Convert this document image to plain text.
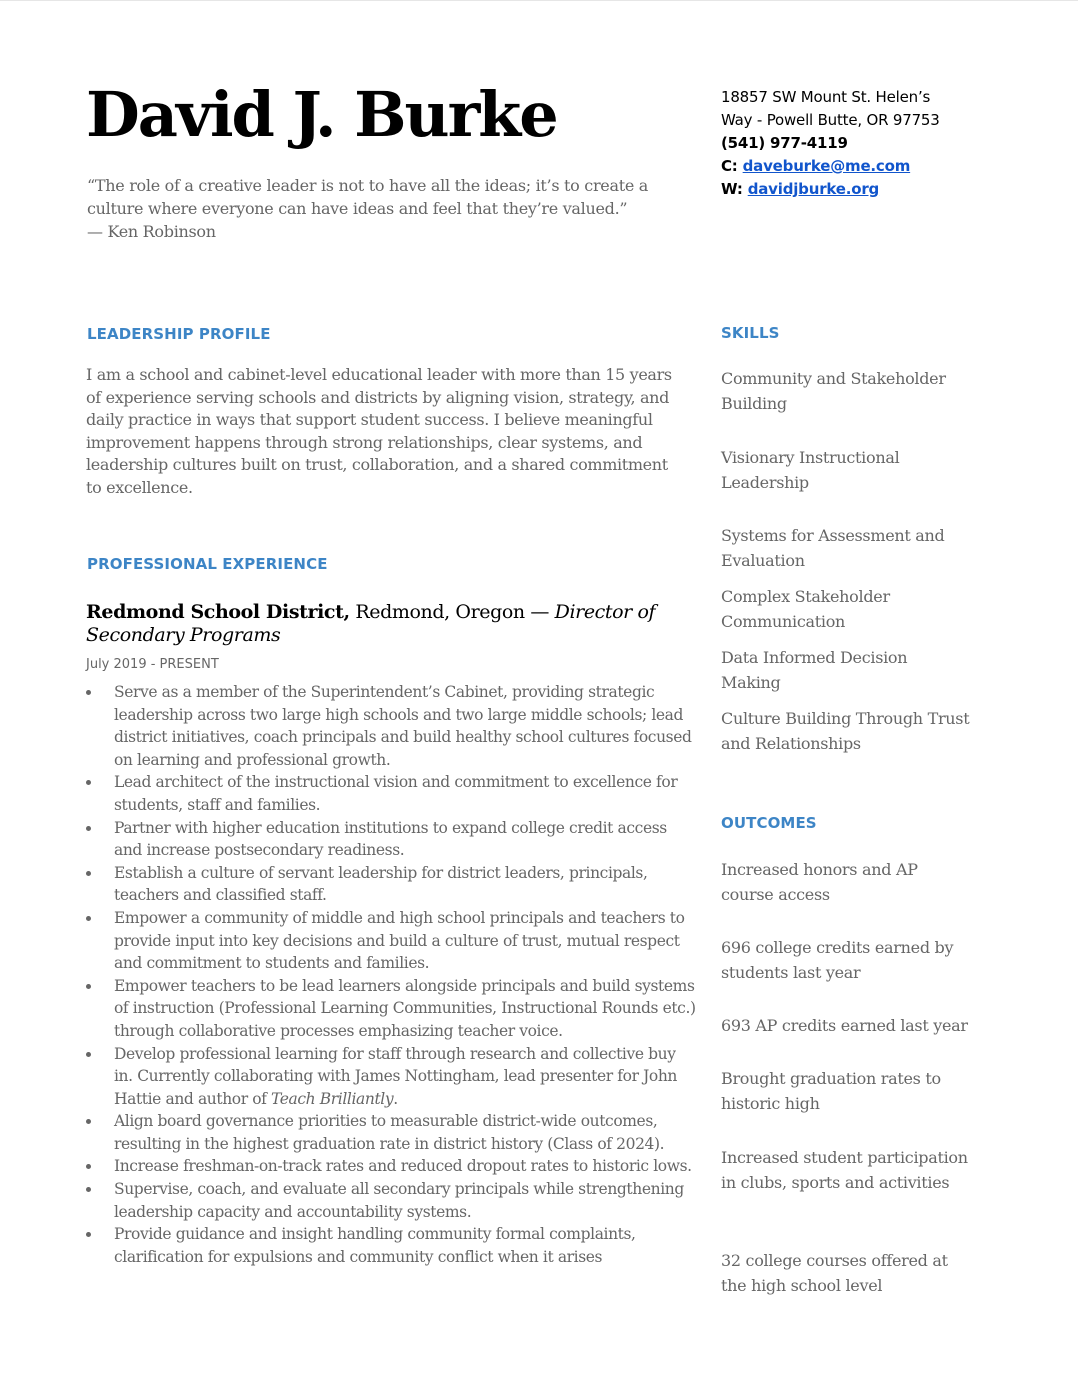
David J. Burke

“The role of a creative leader is not to have all the ideas; it’s to create a

culture where everyone can have ideas and feel that they’re valued.”

— Ken Robinson

18857 SW Mount St. Helen’s
Way - Powell Butte, OR 97753
(541) 977-4119
C: daveburke@me.com
W: davidjburke.org
LEADERSHIP PROFILE

I am a school and cabinet-level educational leader with more than 15 years of experience serving schools and districts by aligning vision, strategy, and daily practice in ways that support student success. I believe meaningful improvement happens through strong relationships, clear systems, and leadership cultures built on trust, collaboration, and a shared commitment to excellence.

PROFESSIONAL EXPERIENCE
Redmond School District, Redmond, Oregon — Director of Secondary Programs

July 2019 - PRESENT

Serve as a member of the Superintendent’s Cabinet, providing strategic leadership across two large high schools and two large middle schools; lead district initiatives, coach principals and build healthy school cultures focused on learning and professional growth.
Lead architect of the instructional vision and commitment to excellence for students, staff and families.
Partner with higher education institutions to expand college credit access and increase postsecondary readiness.
Establish a culture of servant leadership for district leaders, principals, teachers and classified staff.
Empower a community of middle and high school principals and teachers to provide input into key decisions and build a culture of trust, mutual respect and commitment to students and families.
Empower teachers to be lead learners alongside principals and build systems of instruction (Professional Learning Communities, Instructional Rounds etc.) through collaborative processes emphasizing teacher voice.
Develop professional learning for staff through research and collective buy in. Currently collaborating with James Nottingham, lead presenter for John Hattie and author of Teach Brilliantly.
Align board governance priorities to measurable district-wide outcomes, resulting in the highest graduation rate in district history (Class of 2024).
Increase freshman-on-track rates and reduced dropout rates to historic lows.
Supervise, coach, and evaluate all secondary principals while strengthening leadership capacity and accountability systems.
Provide guidance and insight handling community formal complaints, clarification for expulsions and community conflict when it arises
SKILLS
Community and Stakeholder Building
Visionary Instructional Leadership
Systems for Assessment and Evaluation
Complex Stakeholder Communication
Data Informed Decision Making
Culture Building Through Trust and Relationships
OUTCOMES
Increased honors and AP course access
696 college credits earned by students last year
693 AP credits earned last year
Brought graduation rates to historic high
Increased student participation in clubs, sports and activities
32 college courses offered at the high school level
